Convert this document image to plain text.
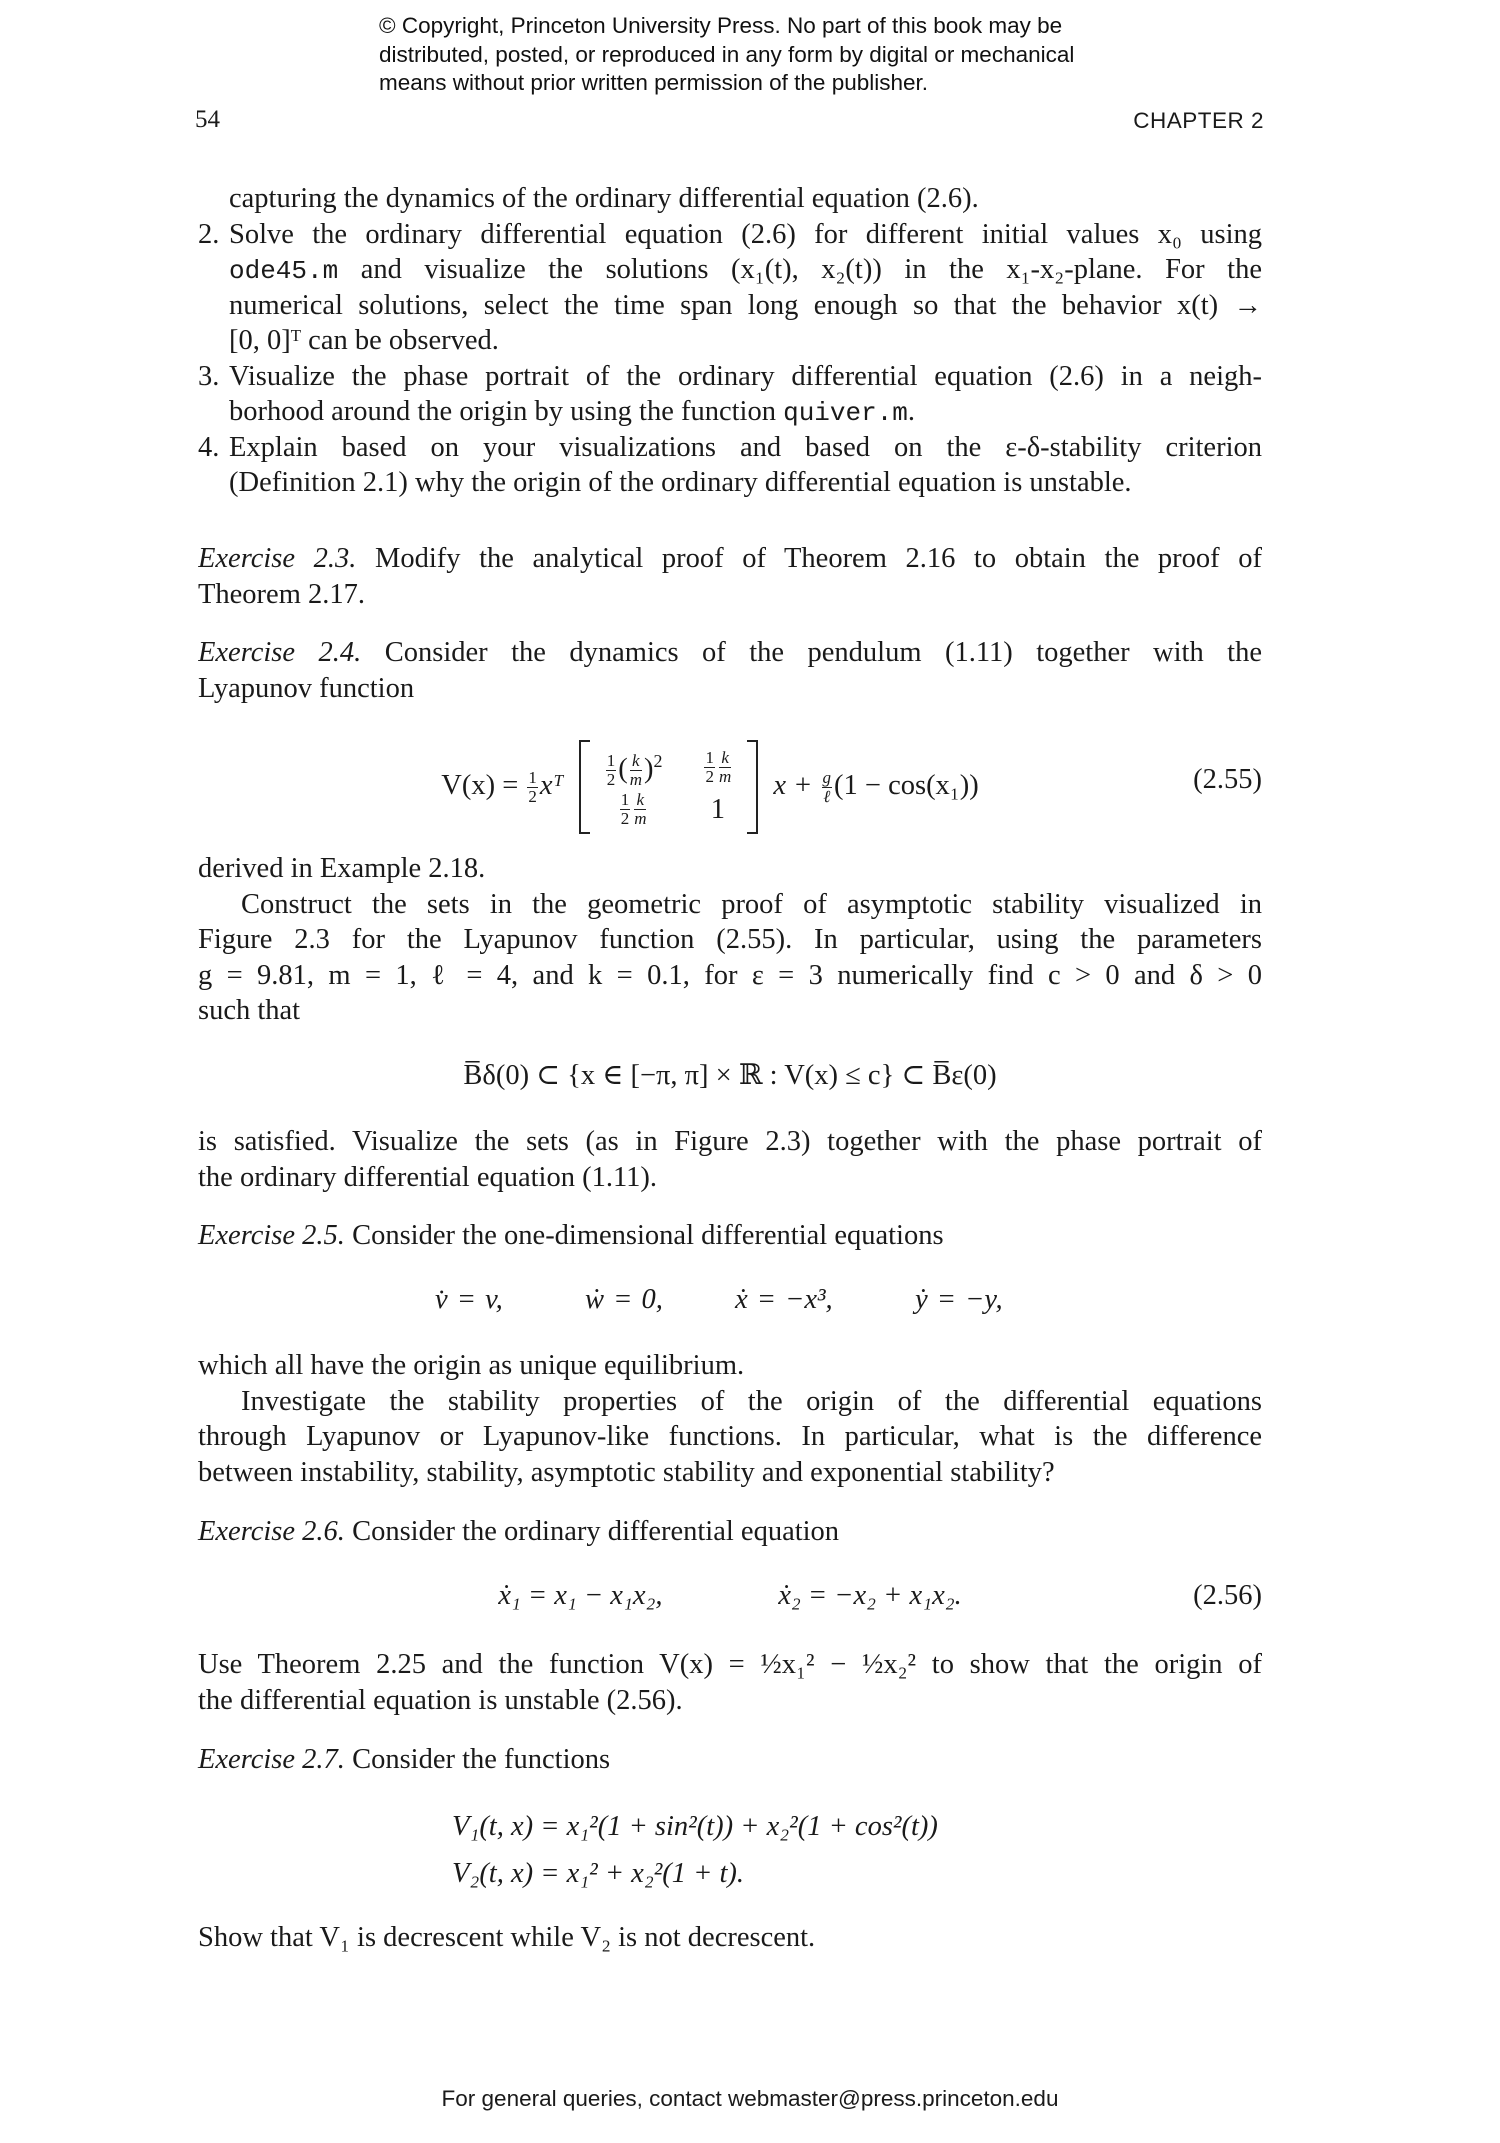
© Copyright, Princeton University Press. No part of this book may be
distributed, posted, or reproduced in any form by digital or mechanical
means without prior written permission of the publisher.
54	CHAPTER 2
capturing the dynamics of the ordinary differential equation (2.6).
2. Solve the ordinary differential equation (2.6) for different initial values x₀ using
ode45.m and visualize the solutions (x₁(t), x₂(t)) in the x₁-x₂-plane. For the
numerical solutions, select the time span long enough so that the behavior x(t) →
[0, 0]ᵀ can be observed.
3. Visualize the phase portrait of the ordinary differential equation (2.6) in a neigh-
borhood around the origin by using the function quiver.m.
4. Explain based on your visualizations and based on the ε-δ-stability criterion
(Definition 2.1) why the origin of the ordinary differential equation is unstable.
Exercise 2.3. Modify the analytical proof of Theorem 2.16 to obtain the proof of
Theorem 2.17.
Exercise 2.4. Consider the dynamics of the pendulum (1.11) together with the
Lyapunov function
$V(x) = \frac{1}{2}$ xᵀ $\frac{1}{2}$ ( $\frac{k}{m} )^2 \frac{1}{2} \frac{k}{m}$
$\frac{1}{2} \frac{k}{m} 1$
$x + \frac{g}{\text{ℓ}} (1 - \cos(x_1))$	(2.55)
derived in Example 2.18.
Construct the sets in the geometric proof of asymptotic stability visualized in
Figure 2.3 for the Lyapunov function (2.55). In particular, using the parameters
g = 9.81, m = 1, ℓ = 4, and k = 0.1, for ε = 3 numerically find c > 0 and δ > 0
such that
B̅δ(0) ⊂ {x ∈ [−π, π] × ℝ : V(x) ≤ c} ⊂ B̅ε(0)
is satisfied. Visualize the sets (as in Figure 2.3) together with the phase portrait of
the ordinary differential equation (1.11).
Exercise 2.5. Consider the one-dimensional differential equations
v̇ = v,	ẇ = 0,	ẋ = −x³,	ẏ = −y,
which all have the origin as unique equilibrium.
Investigate the stability properties of the origin of the differential equations
through Lyapunov or Lyapunov-like functions. In particular, what is the difference
between instability, stability, asymptotic stability and exponential stability?
Exercise 2.6. Consider the ordinary differential equation
ẋ₁ = x₁ − x₁x₂,	ẋ₂ = −x₂ + x₁x₂.	(2.56)
Use Theorem 2.25 and the function V(x) = ½x₁² − ½x₂² to show that the origin of
the differential equation is unstable (2.56).
Exercise 2.7. Consider the functions
V₁(t, x) = x₁²(1 + sin²(t)) + x₂²(1 + cos²(t))
V₂(t, x) = x₁² + x₂²(1 + t).
Show that V₁ is decrescent while V₂ is not decrescent.
For general queries, contact webmaster@press.princeton.edu
